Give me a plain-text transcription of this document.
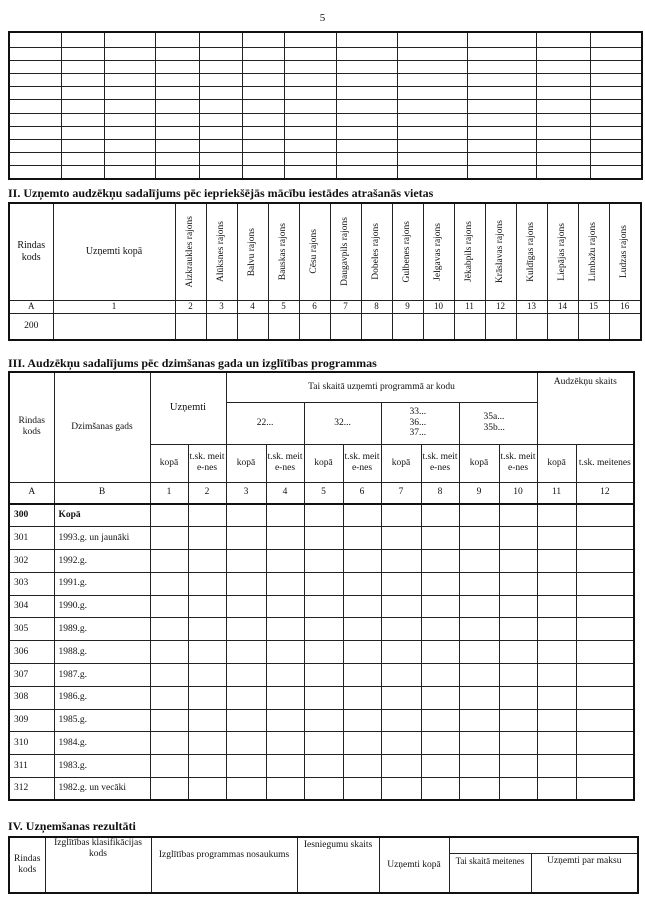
5

II. Uzņemto audzēkņu sadalījums pēc iepriekšējās mācību iestādes atrašanās vietas
Rindas kods	Uzņemti kopā	Aizkraukles rajons	Alūksnes rajons	Balvu rajons	Bauskas rajons	Cēsu rajons	Daugavpils rajons	Dobeles rajons	Gulbenes rajons	Jelgavas rajons	Jēkabpils rajons	Krāslavas rajons	Kuldīgas rajons	Liepājas rajons	Limbažu rajons	Ludzas rajons

A	1	2	3	4	5	6	7	8	9	10	11	12	13	14	15	16
200																
III. Audzēkņu sadalījums pēc dzimšanas gada un izglītības programmas
Rindas kods	Dzimšanas gads	Uzņemti		Tai skaitā uzņemti programmā ar kodu								Audzēkņu skaits	
				22...		32...		33...
36...
37...		35a...
35b...			
		kopā	t.sk. meite-nes	kopā	t.sk. meite-nes	kopā	t.sk. meite-nes	kopā	t.sk. meite-nes	kopā	t.sk. meite-nes	kopā	t.sk. meitenes
A	B	1	2	3	4	5	6	7	8	9	10	11	12
300	Kopā												
301	1993.g. un jaunāki												
302	1992.g.												
303	1991.g.												
304	1990.g.												
305	1989.g.												
306	1988.g.												
307	1987.g.												
308	1986.g.												
309	1985.g.												
310	1984.g.												
311	1983.g.												
312	1982.g. un vecāki												
IV. Uzņemšanas rezultāti
Rindas kods	Izglītības klasifikācijas kods	Izglītības programmas nosaukums	Iesniegumu skaits	Uzņemti kopā		
					Tai skaitā meitenes	Uzņemti par maksu
